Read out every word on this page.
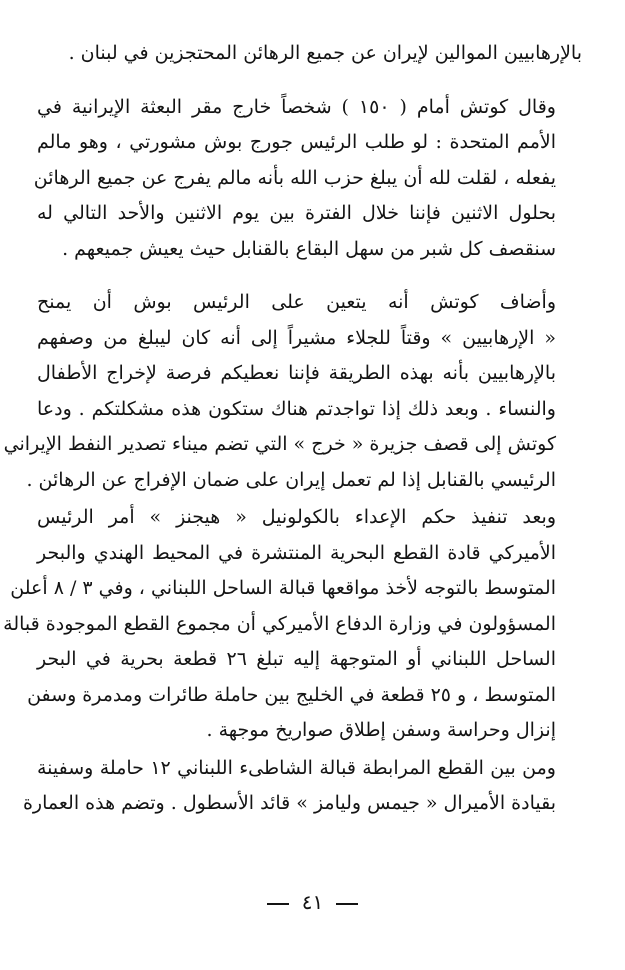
بالإرهابيين الموالين لإيران عن جميع الرهائن المحتجزين في لبنان .

وقال كوتش أمام ( ١٥٠ ) شخصاً خارج مقر البعثة الإيرانية في
الأمم المتحدة : لو طلب الرئيس جورج بوش مشورتي ، وهو مالم
يفعله ، لقلت لله أن يبلغ حزب الله بأنه مالم يفرج عن جميع الرهائن
بحلول الاثنين فإننا خلال الفترة بين يوم الاثنين والأحد التالي له
سنقصف كل شبر من سهل البقاع بالقنابل حيث يعيش جميعهم .

وأضاف كوتش أنه يتعين على الرئيس بوش أن يمنح
« الإرهابيين » وقتاً للجلاء مشيراً إلى أنه كان ليبلغ من وصفهم
بالإرهابيين بأنه بهذه الطريقة فإننا نعطيكم فرصة لإخراج الأطفال
والنساء . وبعد ذلك إذا تواجدتم هناك ستكون هذه مشكلتكم . ودعا
كوتش إلى قصف جزيرة « خرج » التي تضم ميناء تصدير النفط الإيراني
الرئيسي بالقنابل إذا لم تعمل إيران على ضمان الإفراج عن الرهائن .

وبعد تنفيذ حكم الإعداء بالكولونيل « هيجنز » أمر الرئيس
الأميركي قادة القطع البحرية المنتشرة في المحيط الهندي والبحر
المتوسط بالتوجه لأخذ مواقعها قبالة الساحل اللبناني ، وفي ٣ / ٨ أعلن
المسؤولون في وزارة الدفاع الأميركي أن مجموع القطع الموجودة قبالة
الساحل اللبناني أو المتوجهة إليه تبلغ ٢٦ قطعة بحرية في البحر
المتوسط ، و ٢٥ قطعة في الخليج بين حاملة طائرات ومدمرة وسفن
إنزال وحراسة وسفن إطلاق صواريخ موجهة .

ومن بين القطع المرابطة قبالة الشاطىء اللبناني ١٢ حاملة وسفينة
بقيادة الأميرال « جيمس وليامز » قائد الأسطول . وتضم هذه العمارة

٤١
